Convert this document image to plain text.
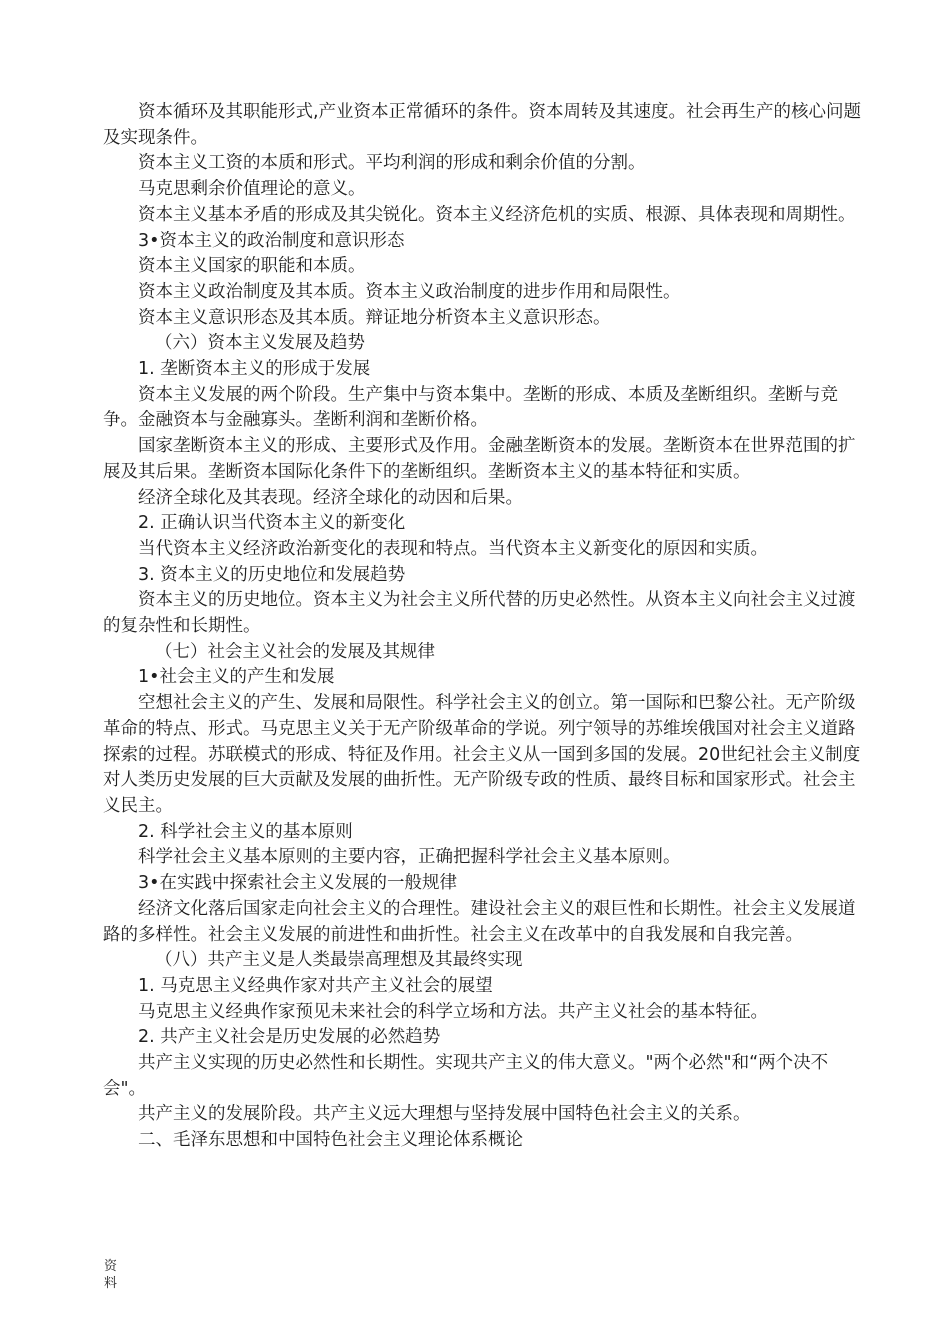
资本循环及其职能形式,产业资本正常循环的条件。资本周转及其速度。社会再生产的核心问题及实现条件。

资本主义工资的本质和形式。平均利润的形成和剩余价值的分割。

马克思剩余价值理论的意义。

资本主义基本矛盾的形成及其尖锐化。资本主义经济危机的实质、根源、具体表现和周期性。

3•资本主义的政治制度和意识形态

资本主义国家的职能和本质。

资本主义政治制度及其本质。资本主义政治制度的进步作用和局限性。

资本主义意识形态及其本质。辩证地分析资本主义意识形态。

（六）资本主义发展及趋势

1. 垄断资本主义的形成于发展

资本主义发展的两个阶段。生产集中与资本集中。垄断的形成、本质及垄断组织。垄断与竞争。金融资本与金融寡头。垄断利润和垄断价格。

国家垄断资本主义的形成、主要形式及作用。金融垄断资本的发展。垄断资本在世界范围的扩展及其后果。垄断资本国际化条件下的垄断组织。垄断资本主义的基本特征和实质。

经济全球化及其表现。经济全球化的动因和后果。

2. 正确认识当代资本主义的新变化

当代资本主义经济政治新变化的表现和特点。当代资本主义新变化的原因和实质。

3. 资本主义的历史地位和发展趋势

资本主义的历史地位。资本主义为社会主义所代替的历史必然性。从资本主义向社会主义过渡的复杂性和长期性。

（七）社会主义社会的发展及其规律

1•社会主义的产生和发展

空想社会主义的产生、发展和局限性。科学社会主义的创立。第一国际和巴黎公社。无产阶级革命的特点、形式。马克思主义关于无产阶级革命的学说。列宁领导的苏维埃俄国对社会主义道路探索的过程。苏联模式的形成、特征及作用。社会主义从一国到多国的发展。20世纪社会主义制度对人类历史发展的巨大贡献及发展的曲折性。无产阶级专政的性质、最终目标和国家形式。社会主义民主。

2. 科学社会主义的基本原则

科学社会主义基本原则的主要内容，正确把握科学社会主义基本原则。

3•在实践中探索社会主义发展的一般规律

经济文化落后国家走向社会主义的合理性。建设社会主义的艰巨性和长期性。社会主义发展道路的多样性。社会主义发展的前进性和曲折性。社会主义在改革中的自我发展和自我完善。

（八）共产主义是人类最崇高理想及其最终实现

1. 马克思主义经典作家对共产主义社会的展望

马克思主义经典作家预见未来社会的科学立场和方法。共产主义社会的基本特征。

2. 共产主义社会是历史发展的必然趋势

共产主义实现的历史必然性和长期性。实现共产主义的伟大意义。"两个必然"和“两个决不会"。

共产主义的发展阶段。共产主义远大理想与坚持发展中国特色社会主义的关系。

二、毛泽东思想和中国特色社会主义理论体系概论

资料
